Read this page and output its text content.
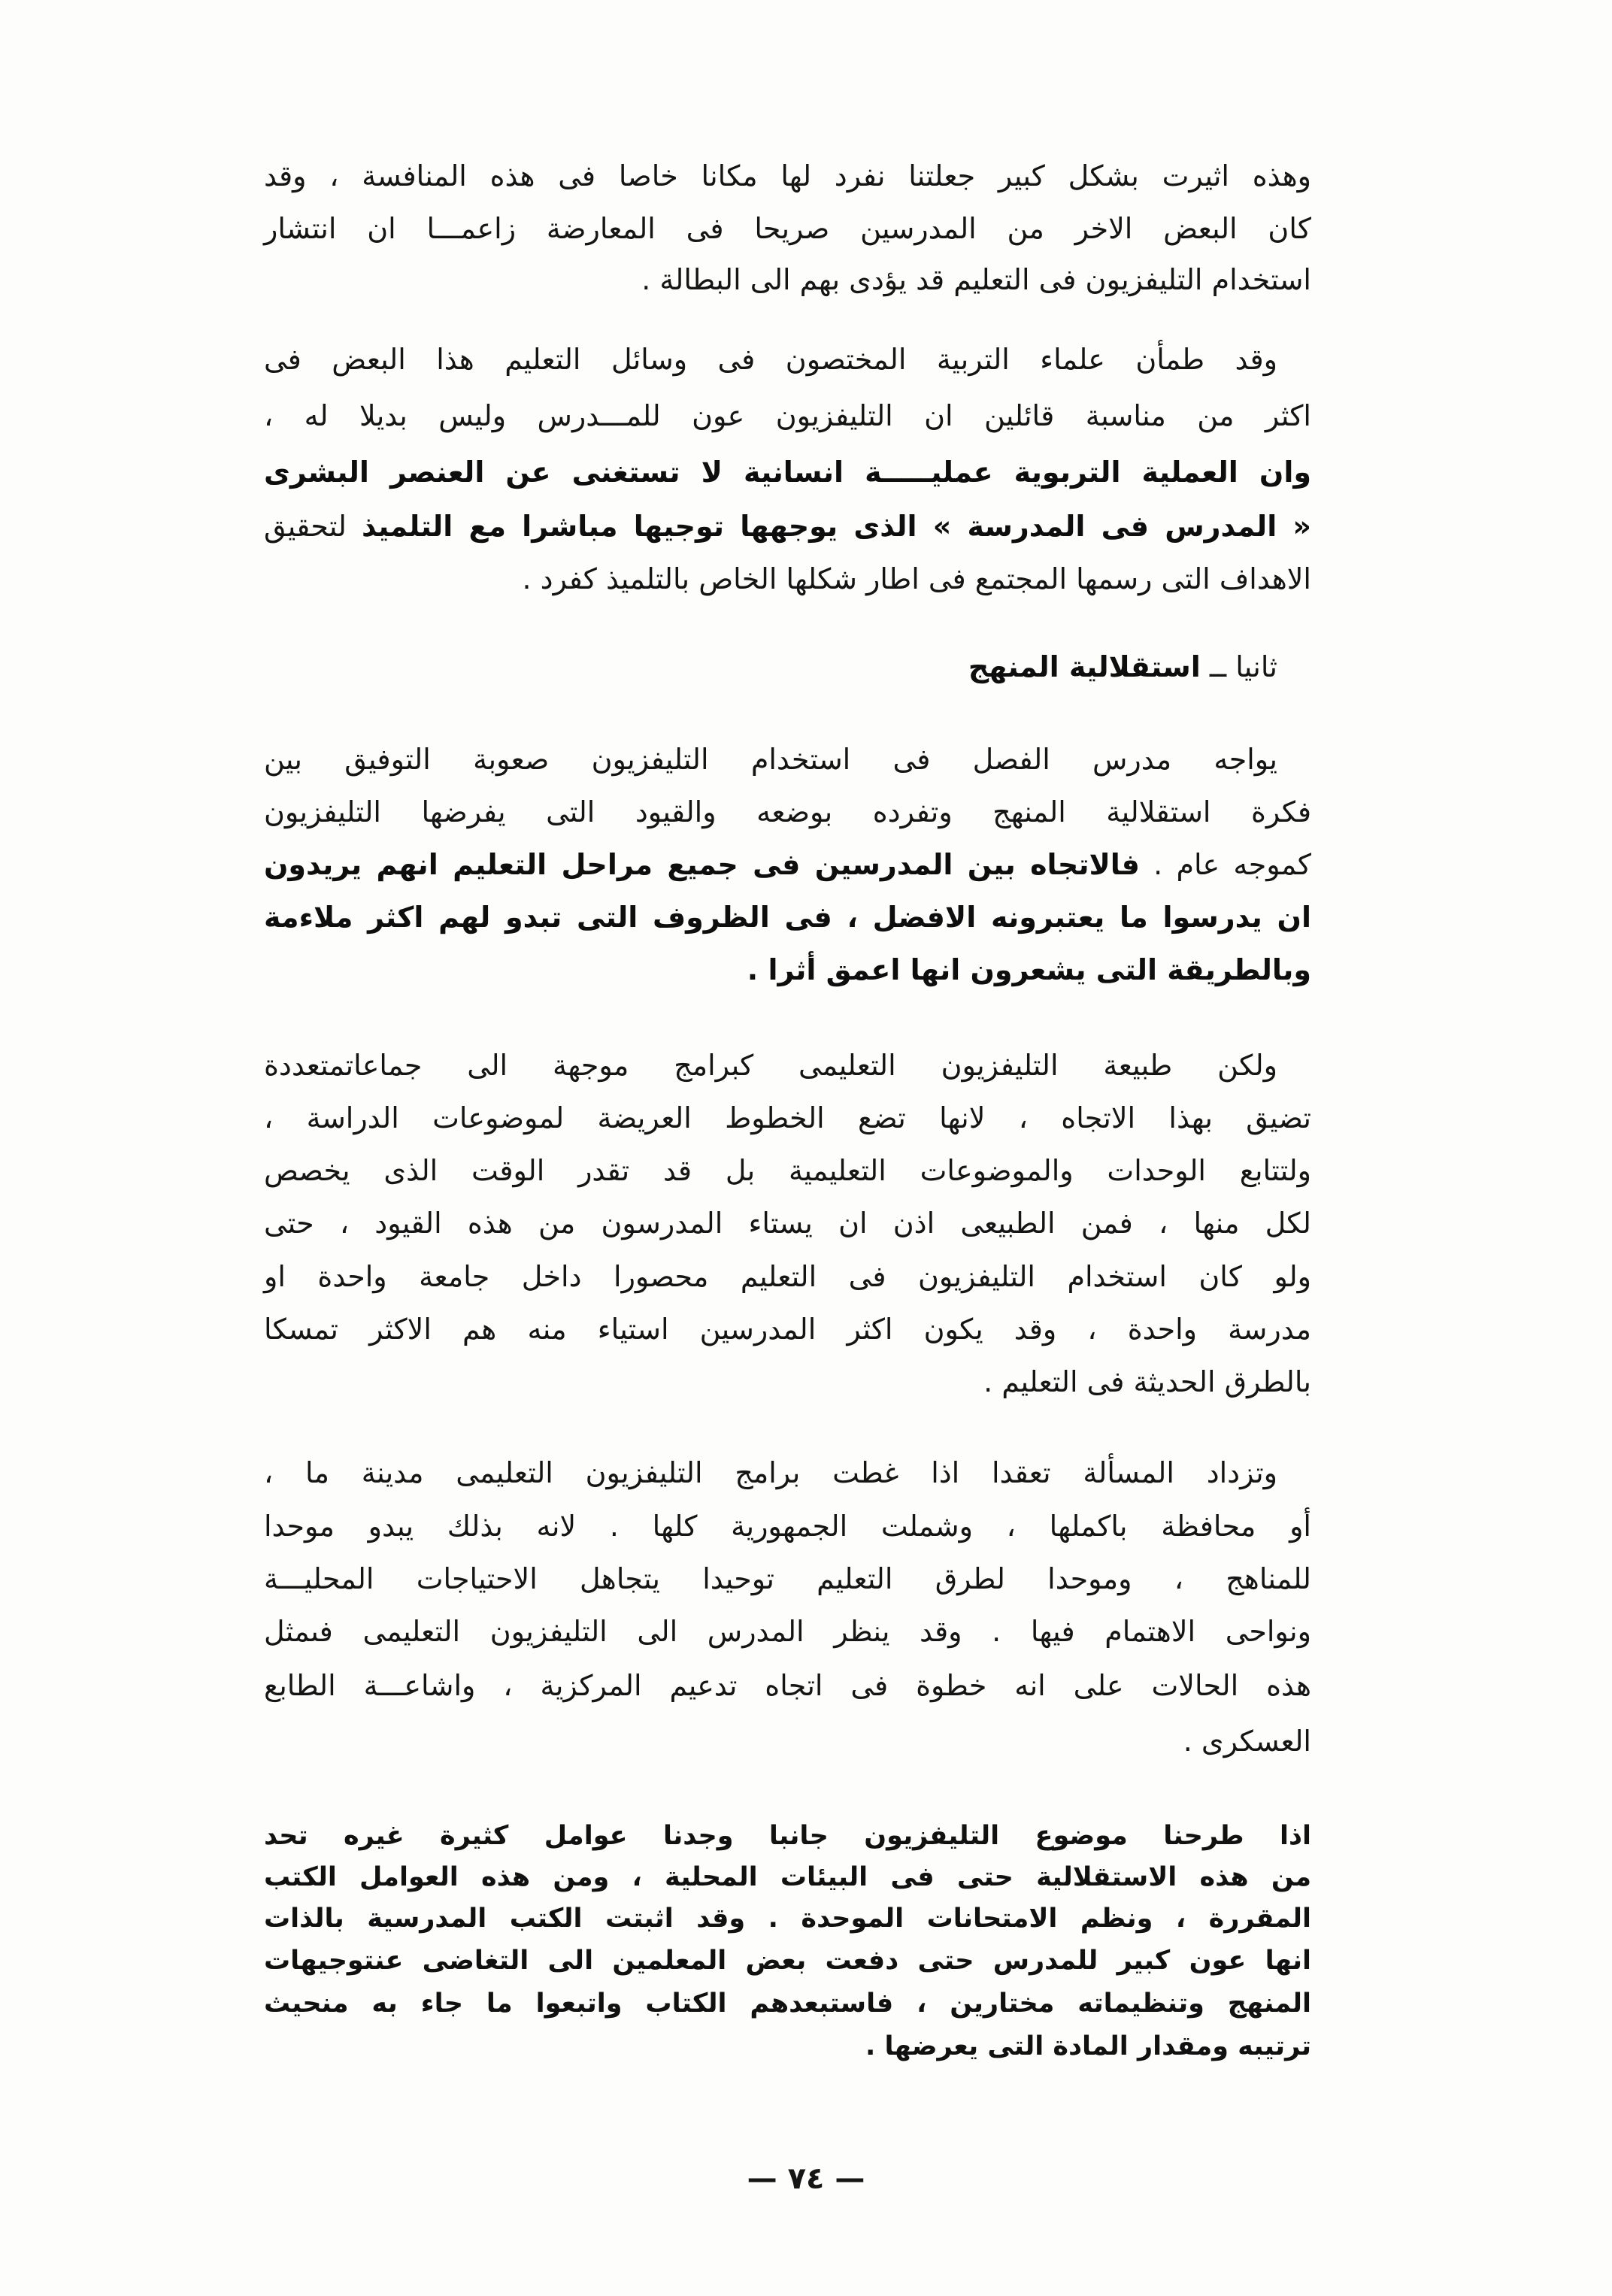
وهذه اثيرت بشكل كبير جعلتنا نفرد لها مكانا خاصا فى هذه المنافسة ، وقد
كان البعض الاخر من المدرسين صريحا فى المعارضة زاعمـــا ان انتشار
استخدام التليفزيون فى التعليم قد يؤدى بهم الى البطالة .
وقد طمأن علماء التربية المختصون فى وسائل التعليم هذا البعض فى
اكثر من مناسبة قائلين ان التليفزيون عون للمـــدرس وليس بديلا له ،
وان العملية التربوية عمليـــــة انسانية لا تستغنى عن العنصر البشرى
« المدرس فى المدرسة » الذى يوجهها توجيها مباشرا مع التلميذ لتحقيق
الاهداف التى رسمها المجتمع فى اطار شكلها الخاص بالتلميذ كفرد .
ثانيا ــ استقلالية المنهج
يواجه مدرس الفصل فى استخدام التليفزيون صعوبة التوفيق بين
فكرة استقلالية المنهج وتفرده بوضعه والقيود التى يفرضها التليفزيون
كموجه عام . فالاتجاه بين المدرسين فى جميع مراحل التعليم انهم يريدون
ان يدرسوا ما يعتبرونه الافضل ، فى الظروف التى تبدو لهم اكثر ملاءمة
وبالطريقة التى يشعرون انها اعمق أثرا .
ولكن طبيعة التليفزيون التعليمى كبرامج موجهة الى جماعاتمتعددة
تضيق بهذا الاتجاه ، لانها تضع الخطوط العريضة لموضوعات الدراسة ،
ولتتابع الوحدات والموضوعات التعليمية بل قد تقدر الوقت الذى يخصص
لكل منها ، فمن الطبيعى اذن ان يستاء المدرسون من هذه القيود ، حتى
ولو كان استخدام التليفزيون فى التعليم محصورا داخل جامعة واحدة او
مدرسة واحدة ، وقد يكون اكثر المدرسين استياء منه هم الاكثر تمسكا
بالطرق الحديثة فى التعليم .
وتزداد المسألة تعقدا اذا غطت برامج التليفزيون التعليمى مدينة ما ،
أو محافظة باكملها ، وشملت الجمهورية كلها . لانه بذلك يبدو موحدا
للمناهج ، وموحدا لطرق التعليم توحيدا يتجاهل الاحتياجات المحليـــة
ونواحى الاهتمام فيها . وقد ينظر المدرس الى التليفزيون التعليمى فىمثل
هذه الحالات على انه خطوة فى اتجاه تدعيم المركزية ، واشاعـــة الطابع
العسكرى .
اذا طرحنا موضوع التليفزيون جانبا وجدنا عوامل كثيرة غيره تحد
من هذه الاستقلالية حتى فى البيئات المحلية ، ومن هذه العوامل الكتب
المقررة ، ونظم الامتحانات الموحدة . وقد اثبتت الكتب المدرسية بالذات
انها عون كبير للمدرس حتى دفعت بعض المعلمين الى التغاضى عنتوجيهات
المنهج وتنظيماته مختارين ، فاستبعدهم الكتاب واتبعوا ما جاء به منحيث
ترتيبه ومقدار المادة التى يعرضها .
— ٧٤ —
